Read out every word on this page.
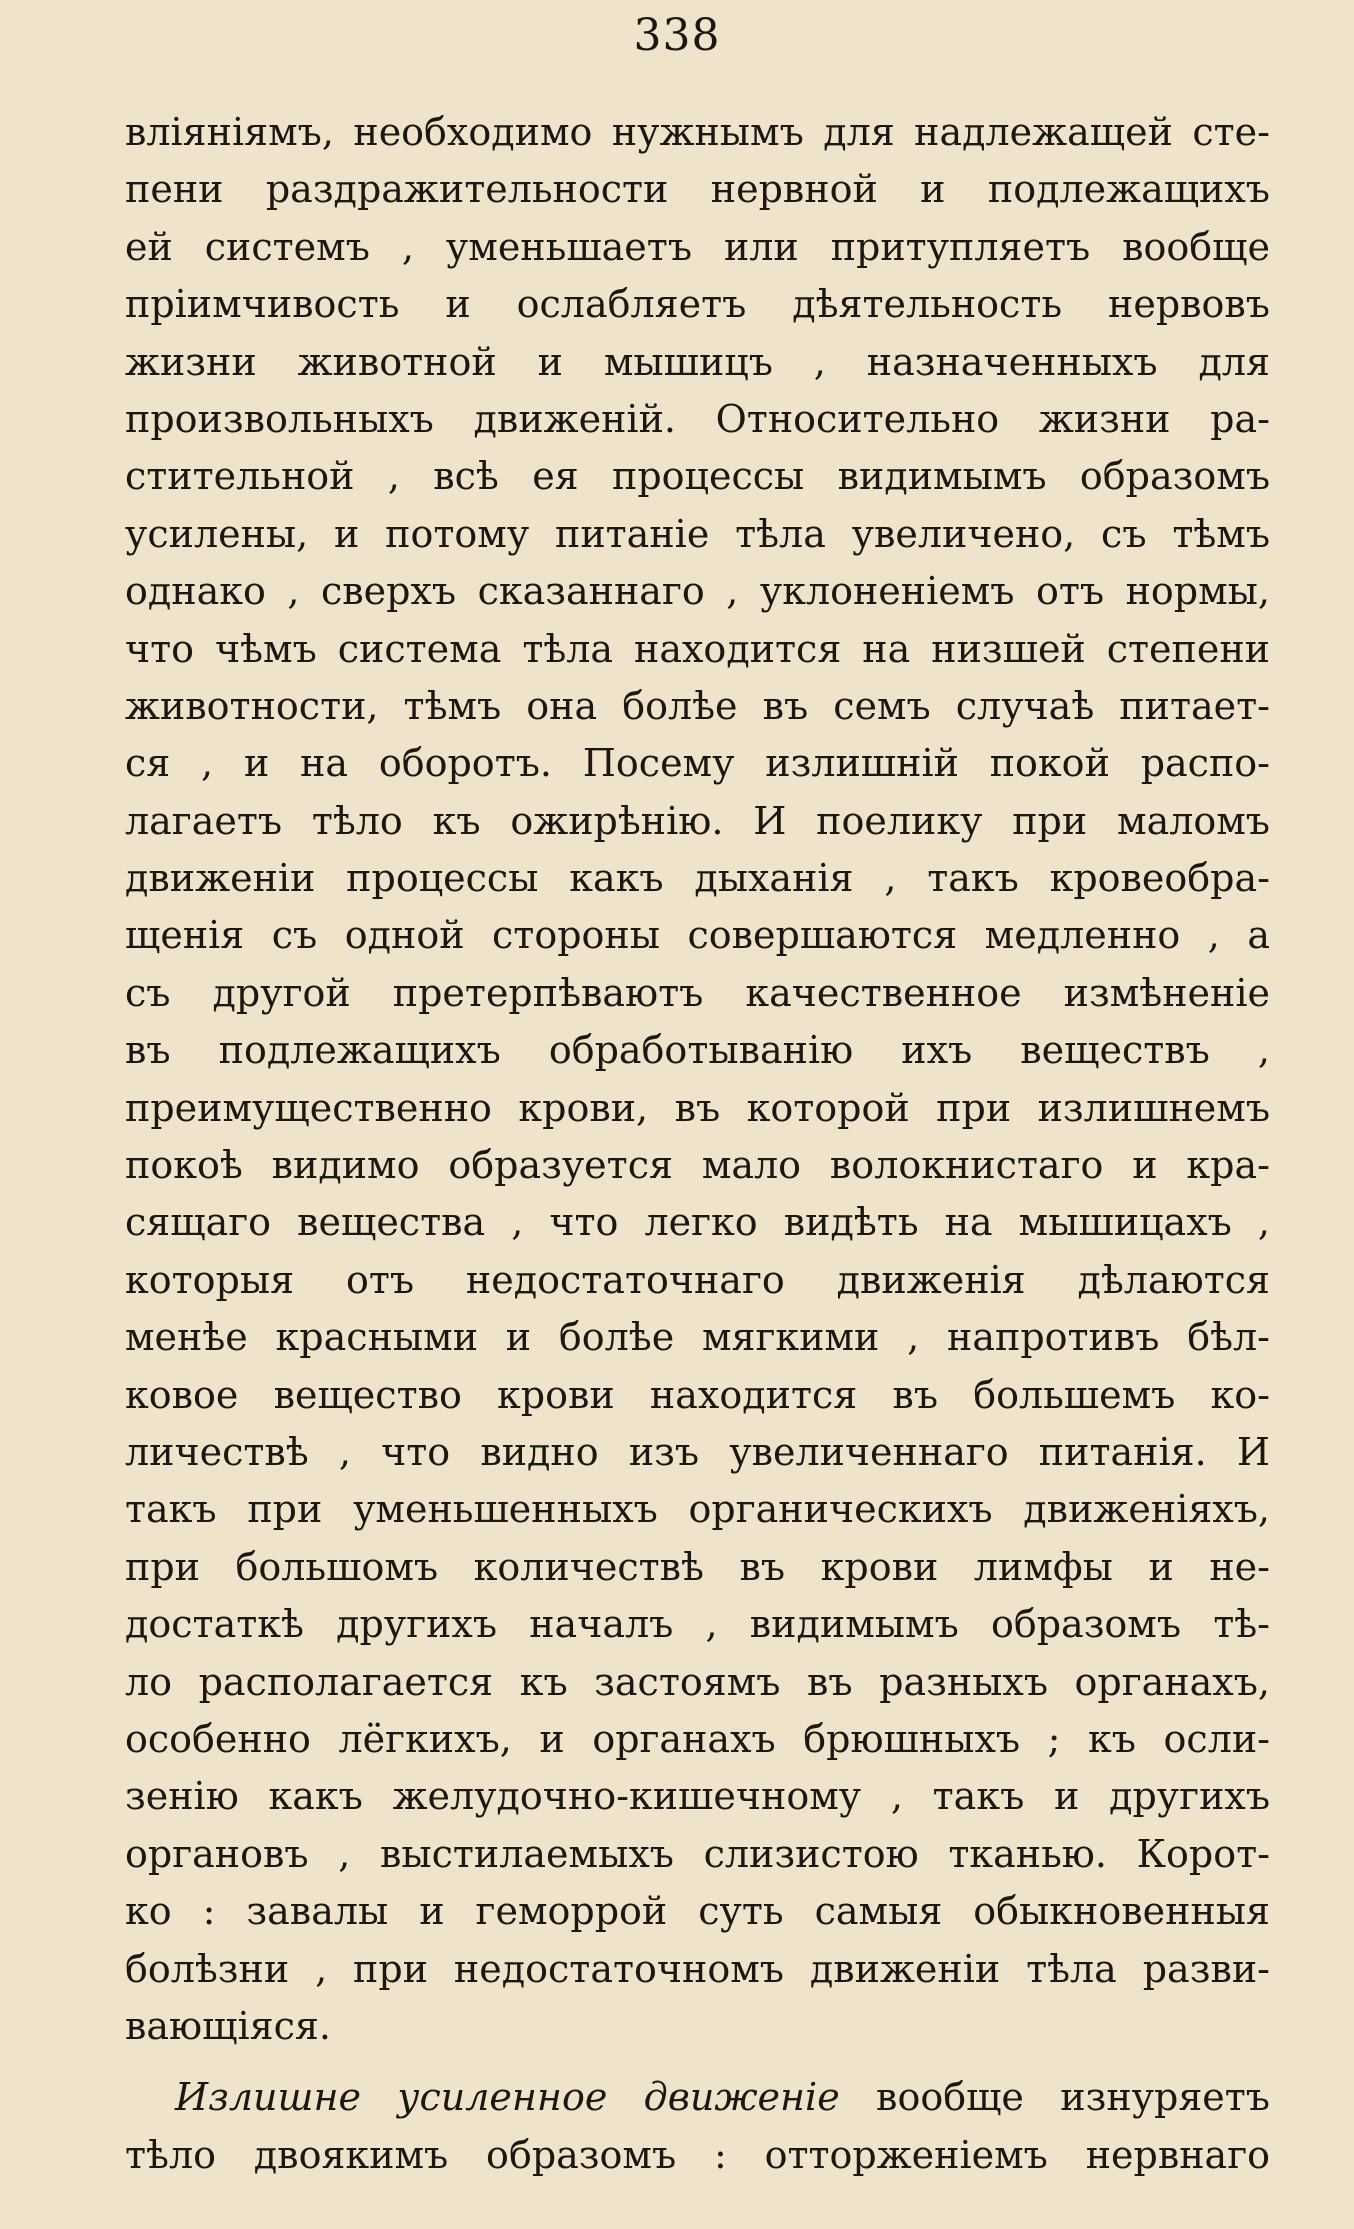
338
вліяніямъ, необходимо нужнымъ для надлежащей сте-
пени раздражительности нервной и подлежащихъ
ей системъ , уменьшаетъ или притупляетъ вообще
пріимчивость и ослабляетъ дѣятельность нервовъ
жизни животной и мышицъ , назначенныхъ для
произвольныхъ движеній. Относительно жизни ра-
стительной , всѣ ея процессы видимымъ образомъ
усилены, и потому питаніе тѣла увеличено, съ тѣмъ
однако , сверхъ сказаннаго , уклоненіемъ отъ нормы,
что чѣмъ система тѣла находится на низшей степени
животности, тѣмъ она болѣе въ семъ случаѣ питает-
ся , и на оборотъ. Посему излишній покой распо-
лагаетъ тѣло къ ожирѣнію. И поелику при маломъ
движеніи процессы какъ дыханія , такъ кровеобра-
щенія съ одной стороны совершаются медленно , а
съ другой претерпѣваютъ качественное измѣненіе
въ подлежащихъ обработыванію ихъ веществъ ,
преимущественно крови, въ которой при излишнемъ
покоѣ видимо образуется мало волокнистаго и кра-
сящаго вещества , что легко видѣть на мышицахъ ,
которыя отъ недостаточнаго движенія дѣлаются
менѣе красными и болѣе мягкими , напротивъ бѣл-
ковое вещество крови находится въ большемъ ко-
личествѣ , что видно изъ увеличеннаго питанія. И
такъ при уменьшенныхъ органическихъ движеніяхъ,
при большомъ количествѣ въ крови лимфы и не-
достаткѣ другихъ началъ , видимымъ образомъ тѣ-
ло располагается къ застоямъ въ разныхъ органахъ,
особенно лёгкихъ, и органахъ брюшныхъ ; къ осли-
зенію какъ желудочно-кишечному , такъ и другихъ
органовъ , выстилаемыхъ слизистою тканью. Корот-
ко : завалы и геморрой суть самыя обыкновенныя
болѣзни , при недостаточномъ движеніи тѣла разви-
вающіяся.
Излишне усиленное движеніе вообще изнуряетъ
тѣло двоякимъ образомъ : отторженіемъ нервнаго
